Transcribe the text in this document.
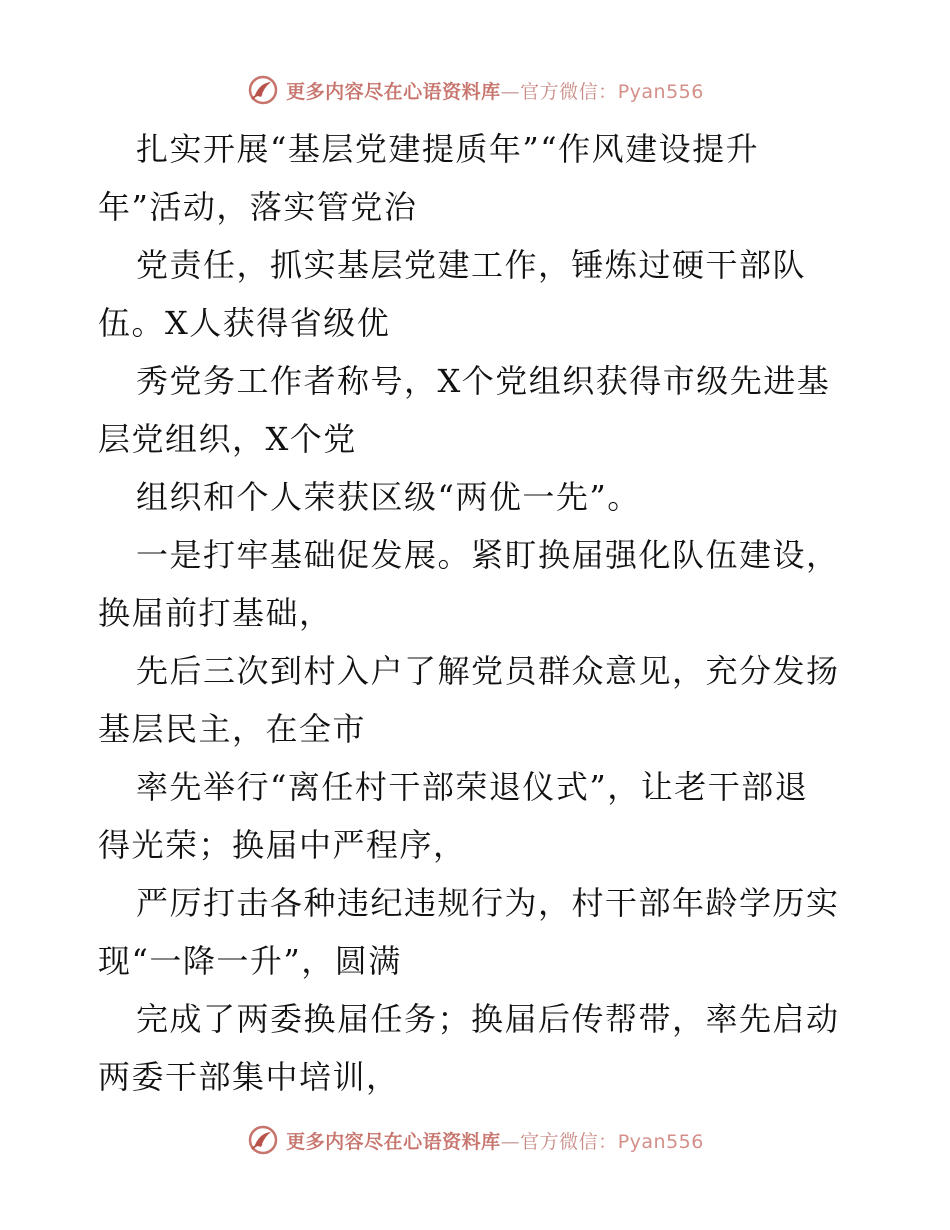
更多内容尽在心语资料库—官方微信：Pyan556

扎实开展“基层党建提质年”“作风建设提升
年”活动，落实管党治

党责任，抓实基层党建工作，锤炼过硬干部队
伍。X人获得省级优

秀党务工作者称号，X个党组织获得市级先进基
层党组织，X个党

组织和个人荣获区级“两优一先”。

一是打牢基础促发展。紧盯换届强化队伍建设，
换届前打基础，

先后三次到村入户了解党员群众意见，充分发扬
基层民主，在全市

率先举行“离任村干部荣退仪式”，让老干部退
得光荣；换届中严程序，

严厉打击各种违纪违规行为，村干部年龄学历实
现“一降一升”，圆满

完成了两委换届任务；换届后传帮带，率先启动
两委干部集中培训，

更多内容尽在心语资料库—官方微信：Pyan556
